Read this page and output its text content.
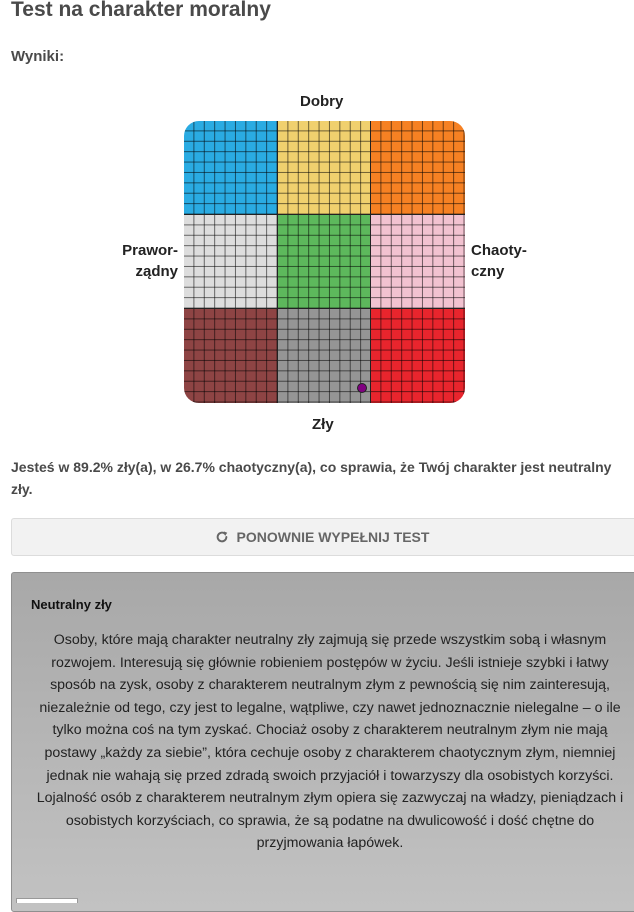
Test na charakter moralny
Wyniki:
Dobry
Prawor-
ządny
Chaoty-
czny
Zły

Jesteś w 89.2% zły(a), w 26.7% chaotyczny(a), co sprawia, że Twój charakter jest neutralny zły.

PONOWNIE WYPEŁNIJ TEST

Neutralny zły

Osoby, które mają charakter neutralny zły zajmują się przede wszystkim sobą i własnym rozwojem. Interesują się głównie robieniem postępów w życiu. Jeśli istnieje szybki i łatwy sposób na zysk, osoby z charakterem neutralnym złym z pewnością się nim zainteresują, niezależnie od tego, czy jest to legalne, wątpliwe, czy nawet jednoznacznie nielegalne – o ile tylko można coś na tym zyskać. Chociaż osoby z charakterem neutralnym złym nie mają postawy „każdy za siebie”, która cechuje osoby z charakterem chaotycznym złym, niemniej jednak nie wahają się przed zdradą swoich przyjaciół i towarzyszy dla osobistych korzyści. Lojalność osób z charakterem neutralnym złym opiera się zazwyczaj na władzy, pieniądzach i osobistych korzyściach, co sprawia, że są podatne na dwulicowość i dość chętne do przyjmowania łapówek.
